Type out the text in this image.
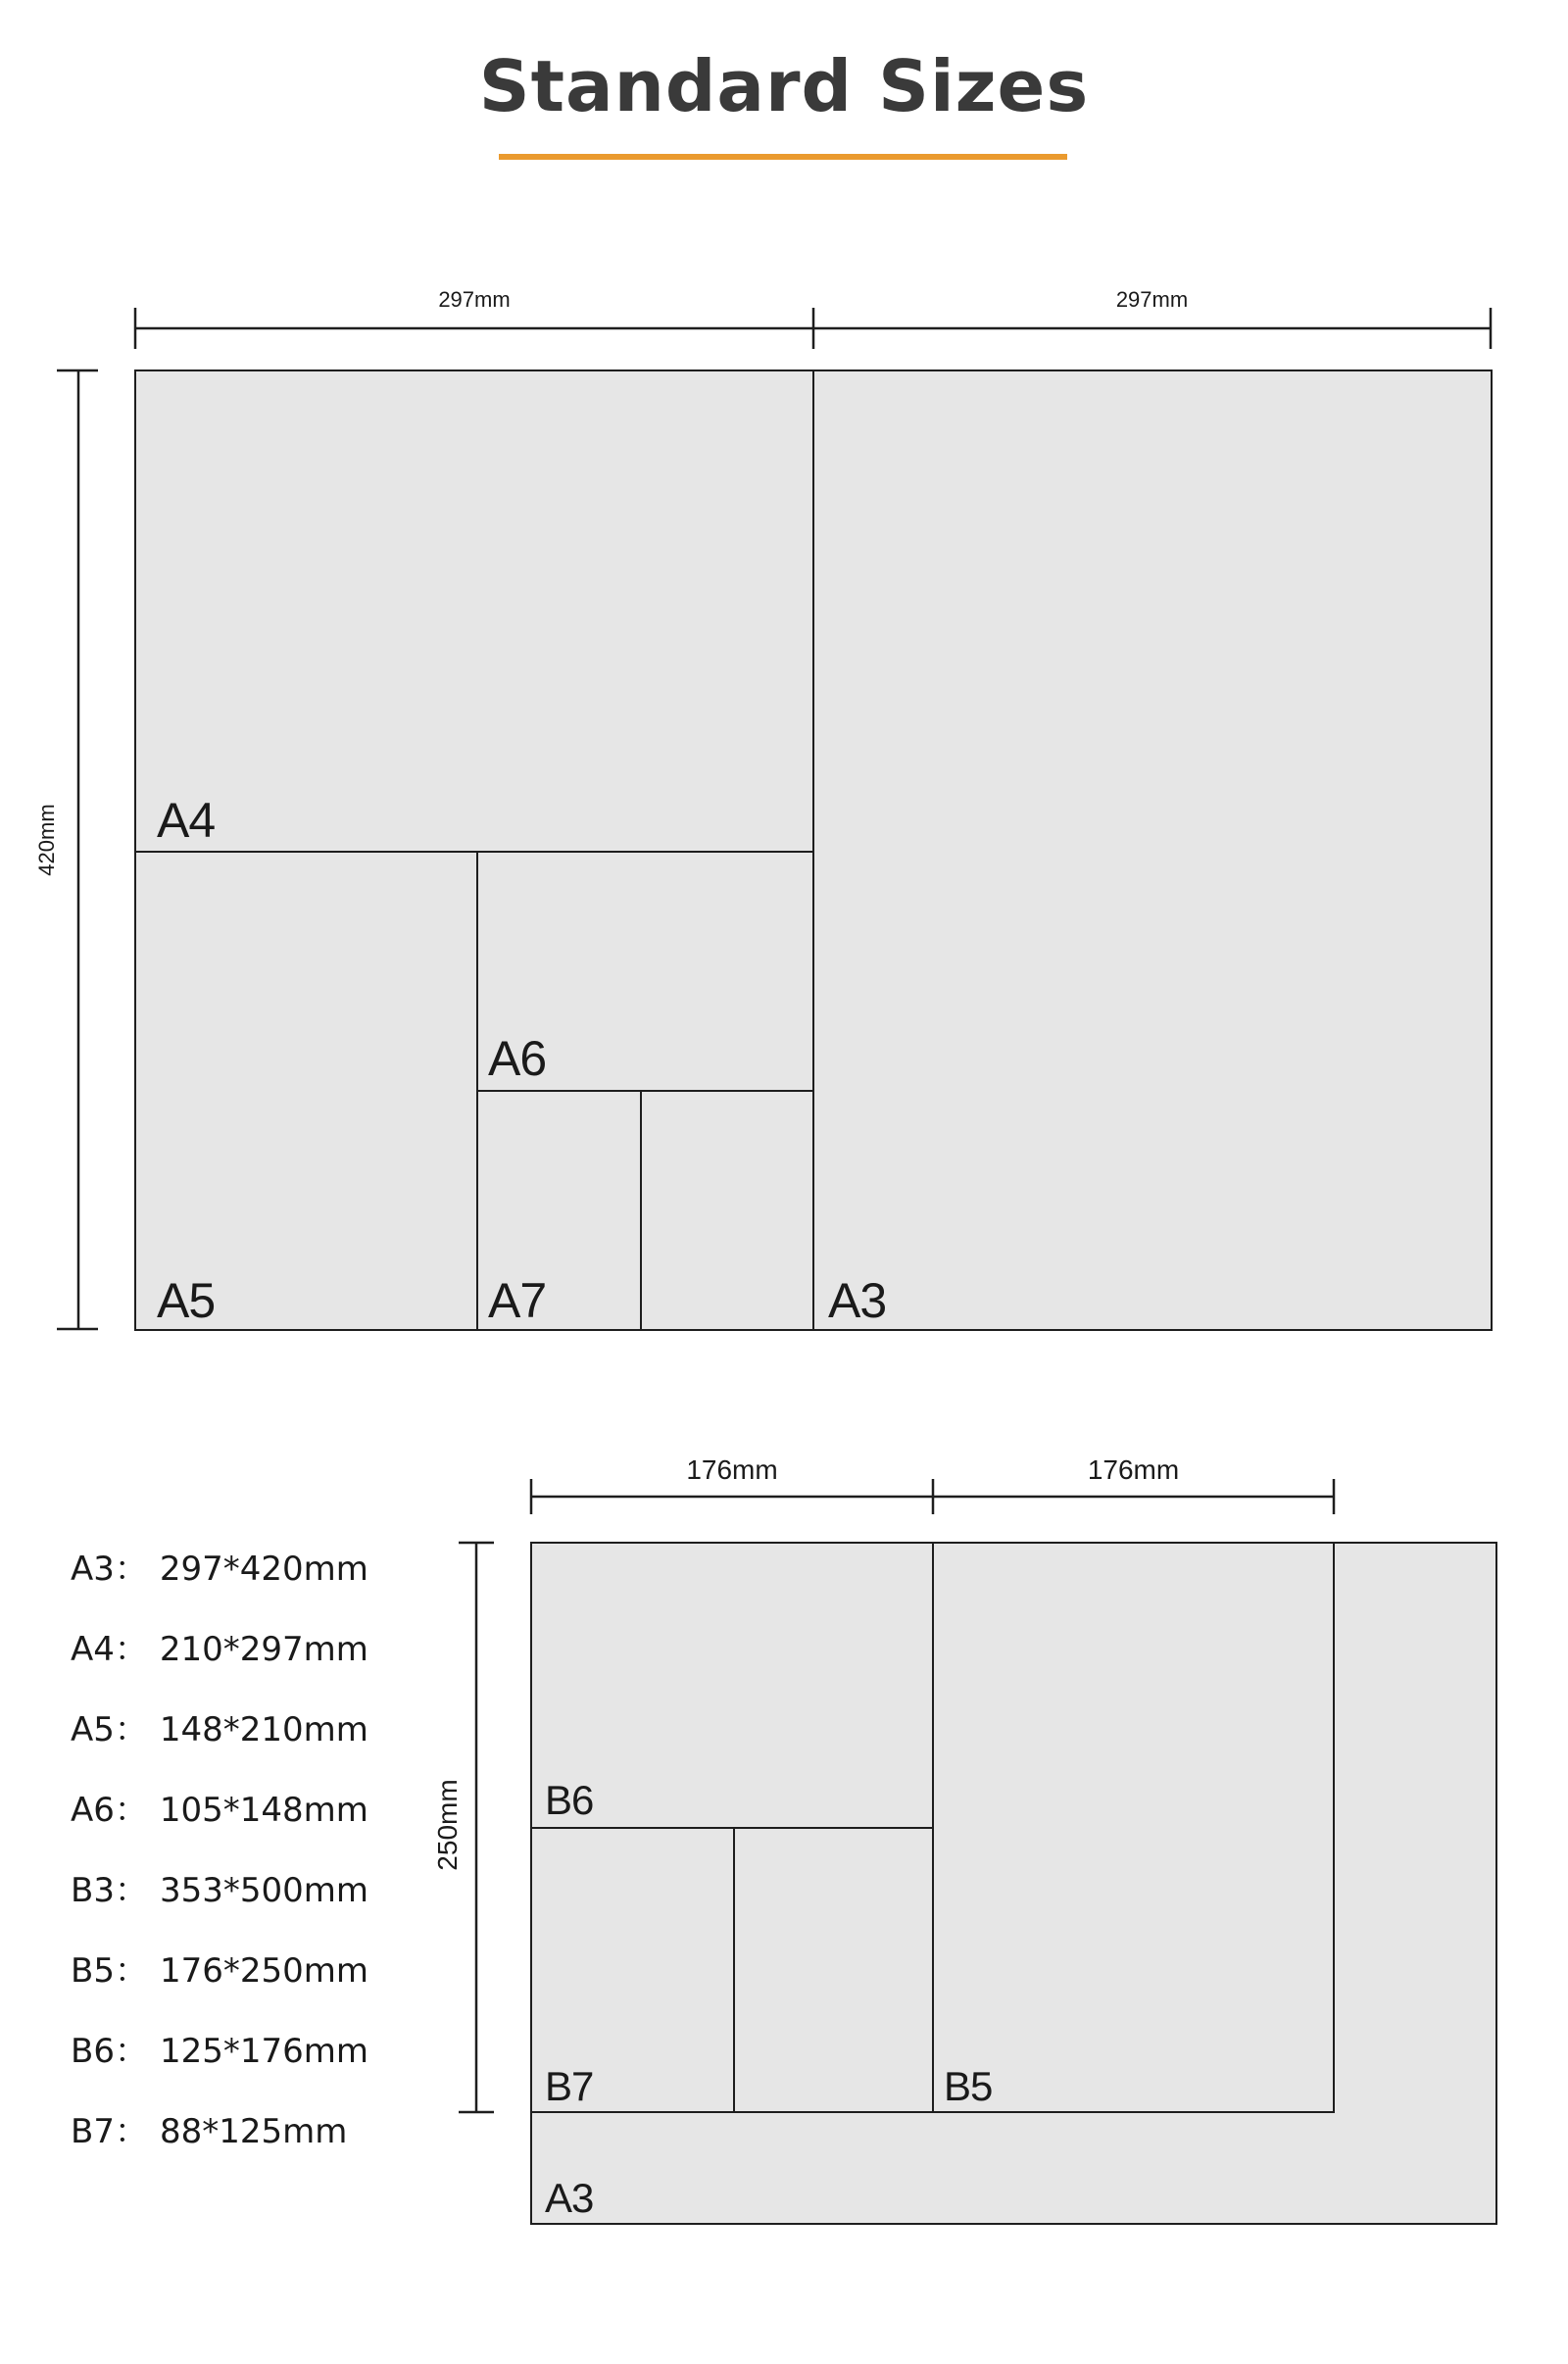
Standard Sizes
297mm	297mm
420mm A4
A6
A5	A7	A3
A3： 297*420mm
A4： 210*297mm
A5： 148*210mm
A6： 105*148mm
B3： 353*500mm
B5： 176*250mm
B6： 125*176mm
B7： 88*125mm
176mm	176mm
250mm B6
B7	B5
A3
